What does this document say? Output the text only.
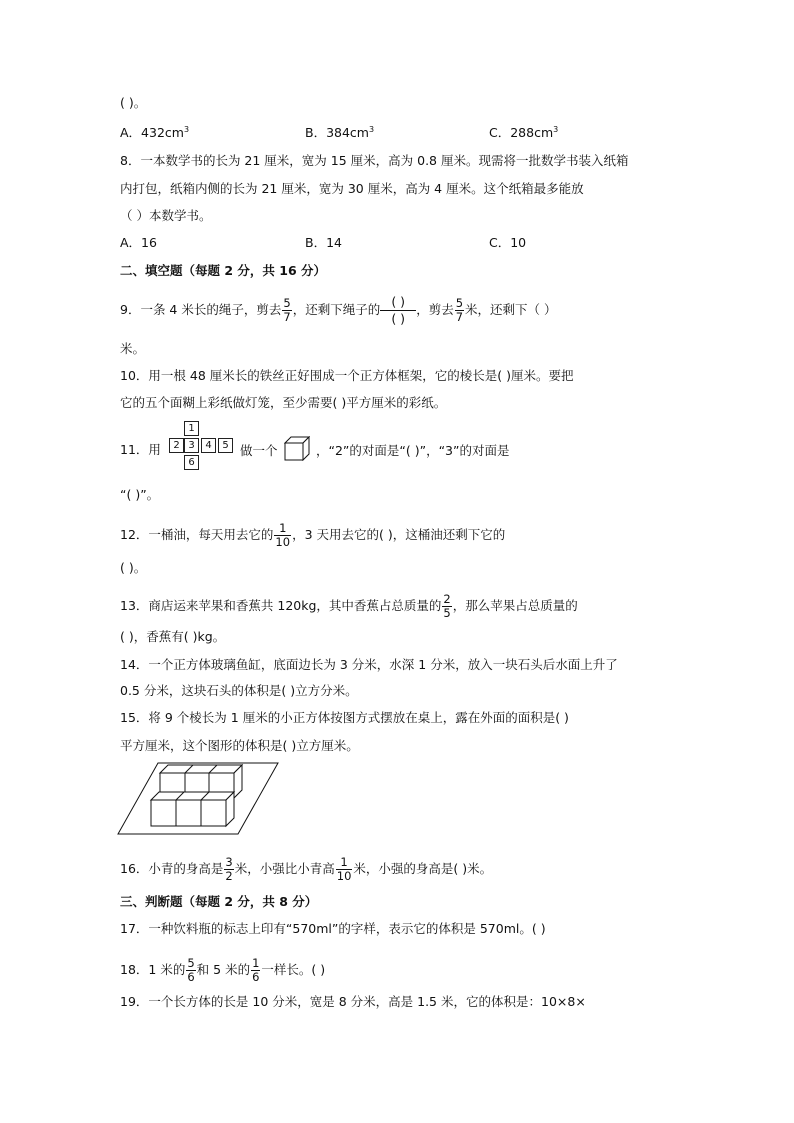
( )。
A．$432cm^3$	B．$384cm^3$	C．$288cm^3$
8．一本数学书的长为 21 厘米，宽为 15 厘米，高为 0.8 厘米。现需将一批数学书装入纸箱
内打包，纸箱内侧的长为 21 厘米，宽为 30 厘米，高为 4 厘米。这个纸箱最多能放
（ ）本数学书。
A．16	B．14	C．10
二、填空题（每题 2 分，共 16 分）
9．一条 4 米长的绳子，剪去 $\frac{5}{7}$ ，还剩下绳子的 $\frac{( )}{( )}$ ，剪去 $\frac{5}{7}$ 米，还剩下（ ）
米。
10．用一根 48 厘米长的铁丝正好围成一个正方体框架，它的棱长是( )厘米。要把
它的五个面糊上彩纸做灯笼，至少需要( )平方厘米的彩纸。
11．用
1
2 3	4	5
6
做一个	，“2”的对面是“( )”，“3”的对面是
“( )”。
12．一桶油，每天用去它的 $\frac{1}{10}$ ，3 天用去它的( )，这桶油还剩下它的
( )。
13．商店运来苹果和香蕉共 120kg，其中香蕉占总质量的 $\frac{2}{5}$ ，那么苹果占总质量的
( )，香蕉有( )kg。
14．一个正方体玻璃鱼缸，底面边长为 3 分米，水深 1 分米，放入一块石头后水面上升了
0.5 分米，这块石头的体积是( )立方分米。
15．将 9 个棱长为 1 厘米的小正方体按图方式摆放在桌上，露在外面的面积是( )
平方厘米，这个图形的体积是( )立方厘米。
16．小青的身高是 $\frac{3}{2}$ 米，小强比小青高 $\frac{1}{10}$ 米，小强的身高是( )米。
三、判断题（每题 2 分，共 8 分）
17．一种饮料瓶的标志上印有“570ml”的字样，表示它的体积是 570ml。( )
18．1 米的 $\frac{5}{6}$ 和 5 米的 $\frac{1}{6}$ 一样长。( )
19．一个长方体的长是 10 分米，宽是 8 分米，高是 1.5 米，它的体积是：10×8×
